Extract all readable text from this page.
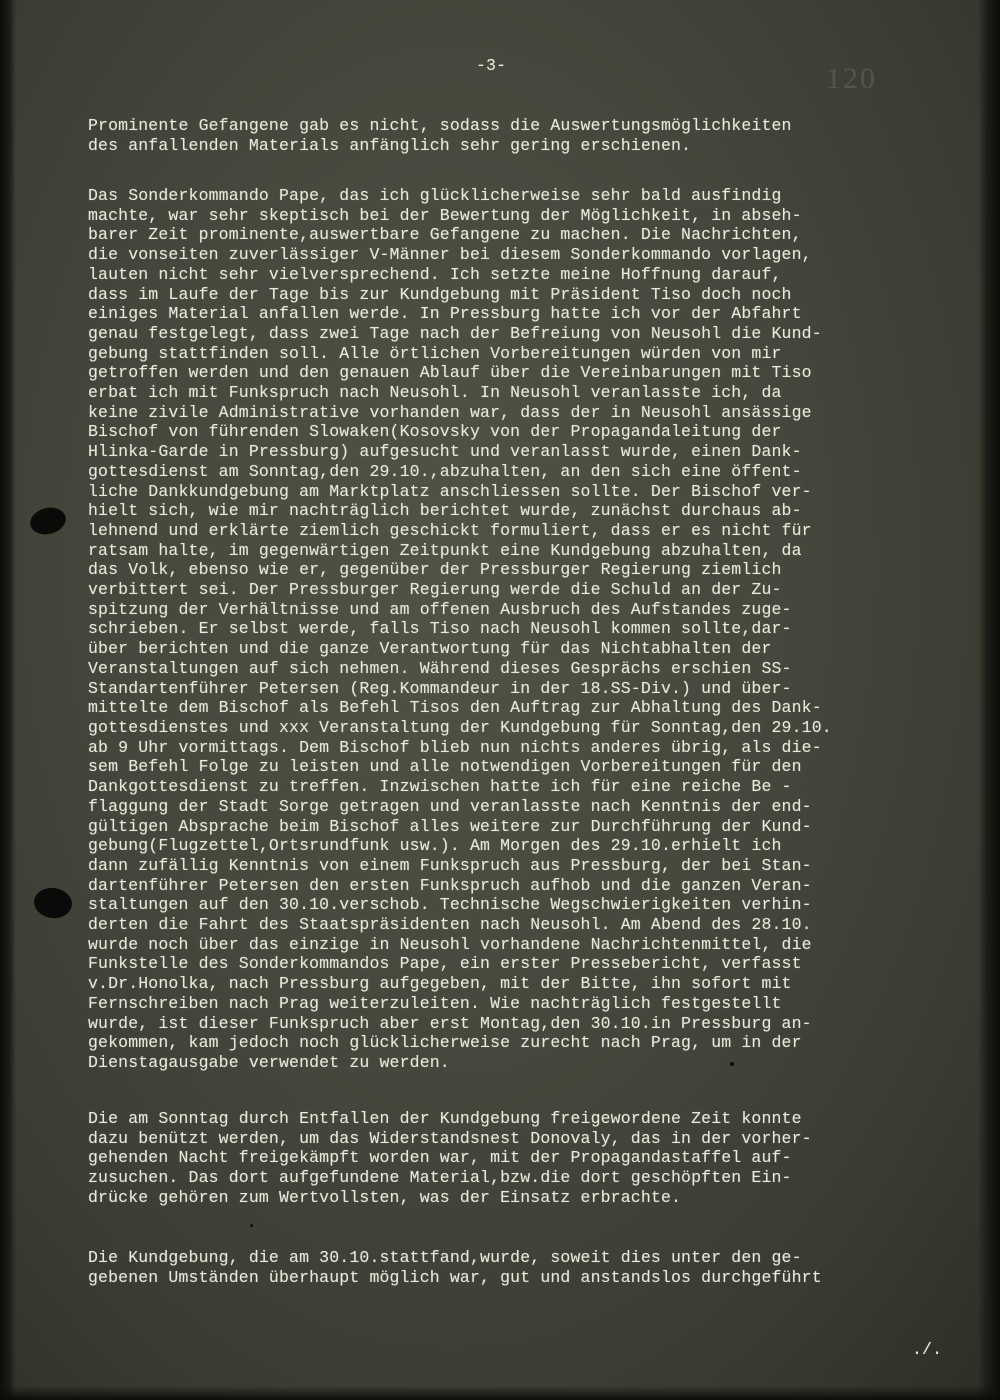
-3-	120
Prominente Gefangene gab es nicht, sodass die Auswertungsmöglichkeiten
des anfallenden Materials anfänglich sehr gering erschienen.
Das Sonderkommando Pape, das ich glücklicherweise sehr bald ausfindig
machte, war sehr skeptisch bei der Bewertung der Möglichkeit, in abseh-
barer Zeit prominente,auswertbare Gefangene zu machen. Die Nachrichten,
die vonseiten zuverlässiger V-Männer bei diesem Sonderkommando vorlagen,
lauten nicht sehr vielversprechend. Ich setzte meine Hoffnung darauf,
dass im Laufe der Tage bis zur Kundgebung mit Präsident Tiso doch noch
einiges Material anfallen werde. In Pressburg hatte ich vor der Abfahrt
genau festgelegt, dass zwei Tage nach der Befreiung von Neusohl die Kund-
gebung stattfinden soll. Alle örtlichen Vorbereitungen würden von mir
getroffen werden und den genauen Ablauf über die Vereinbarungen mit Tiso
erbat ich mit Funkspruch nach Neusohl. In Neusohl veranlasste ich, da
keine zivile Administrative vorhanden war, dass der in Neusohl ansässige
Bischof von führenden Slowaken(Kosovsky von der Propagandaleitung der
Hlinka-Garde in Pressburg) aufgesucht und veranlasst wurde, einen Dank-
gottesdienst am Sonntag,den 29.10.,abzuhalten, an den sich eine öffent-
liche Dankkundgebung am Marktplatz anschliessen sollte. Der Bischof ver-
hielt sich, wie mir nachträglich berichtet wurde, zunächst durchaus ab-
lehnend und erklärte ziemlich geschickt formuliert, dass er es nicht für
ratsam halte, im gegenwärtigen Zeitpunkt eine Kundgebung abzuhalten, da
das Volk, ebenso wie er, gegenüber der Pressburger Regierung ziemlich
verbittert sei. Der Pressburger Regierung werde die Schuld an der Zu-
spitzung der Verhältnisse und am offenen Ausbruch des Aufstandes zuge-
schrieben. Er selbst werde, falls Tiso nach Neusohl kommen sollte,dar-
über berichten und die ganze Verantwortung für das Nichtabhalten der
Veranstaltungen auf sich nehmen. Während dieses Gesprächs erschien SS-
Standartenführer Petersen (Reg.Kommandeur in der 18.SS-Div.) und über-
mittelte dem Bischof als Befehl Tisos den Auftrag zur Abhaltung des Dank-
gottesdienstes und xxx Veranstaltung der Kundgebung für Sonntag,den 29.10.
ab 9 Uhr vormittags. Dem Bischof blieb nun nichts anderes übrig, als die-
sem Befehl Folge zu leisten und alle notwendigen Vorbereitungen für den
Dankgottesdienst zu treffen. Inzwischen hatte ich für eine reiche Be -
flaggung der Stadt Sorge getragen und veranlasste nach Kenntnis der end-
gültigen Absprache beim Bischof alles weitere zur Durchführung der Kund-
gebung(Flugzettel,Ortsrundfunk usw.). Am Morgen des 29.10.erhielt ich
dann zufällig Kenntnis von einem Funkspruch aus Pressburg, der bei Stan-
dartenführer Petersen den ersten Funkspruch aufhob und die ganzen Veran-
staltungen auf den 30.10.verschob. Technische Wegschwierigkeiten verhin-
derten die Fahrt des Staatspräsidenten nach Neusohl. Am Abend des 28.10.
wurde noch über das einzige in Neusohl vorhandene Nachrichtenmittel, die
Funkstelle des Sonderkommandos Pape, ein erster Pressebericht, verfasst
v.Dr.Honolka, nach Pressburg aufgegeben, mit der Bitte, ihn sofort mit
Fernschreiben nach Prag weiterzuleiten. Wie nachträglich festgestellt
wurde, ist dieser Funkspruch aber erst Montag,den 30.10.in Pressburg an-
gekommen, kam jedoch noch glücklicherweise zurecht nach Prag, um in der
Dienstagausgabe verwendet zu werden.
Die am Sonntag durch Entfallen der Kundgebung freigewordene Zeit konnte
dazu benützt werden, um das Widerstandsnest Donovaly, das in der vorher-
gehenden Nacht freigekämpft worden war, mit der Propagandastaffel auf-
zusuchen. Das dort aufgefundene Material,bzw.die dort geschöpften Ein-
drücke gehören zum Wertvollsten, was der Einsatz erbrachte.
Die Kundgebung, die am 30.10.stattfand,wurde, soweit dies unter den ge-
gebenen Umständen überhaupt möglich war, gut und anstandslos durchgeführt
./.
